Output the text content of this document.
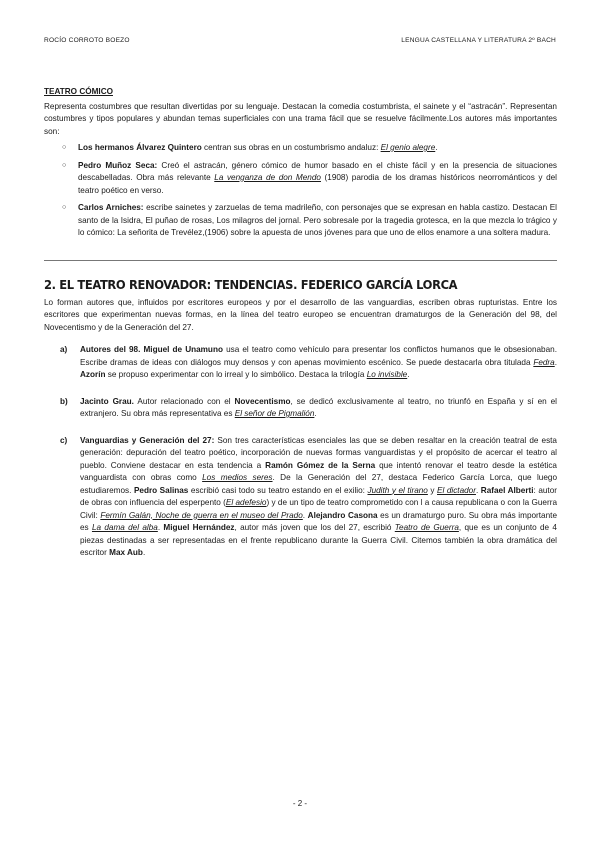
ROCÍO CORROTO BOEZO	LENGUA CASTELLANA Y LITERATURA 2º BACH
TEATRO CÓMICO

Representa costumbres que resultan divertidas por su lenguaje. Destacan la comedia costumbrista, el sainete y el “astracán”. Representan costumbres y tipos populares y abundan temas superficiales con una trama fácil que se resuelve fácilmente.Los autores más importantes son:

○ Los hermanos Álvarez Quintero centran sus obras en un costumbrismo andaluz: El genio alegre.
○ Pedro Muñoz Seca: Creó el astracán, género cómico de humor basado en el chiste fácil y en la presencia de situaciones descabelladas. Obra más relevante La venganza de don Mendo (1908) parodia de los dramas históricos neorrománticos y del teatro poético en verso.
○ Carlos Arniches: escribe sainetes y zarzuelas de tema madrileño, con personajes que se expresan en habla castizo. Destacan El santo de la Isidra, El puñao de rosas, Los milagros del jornal. Pero sobresale por la tragedia grotesca, en la que mezcla lo trágico y lo cómico: La señorita de Trevélez,(1906) sobre la apuesta de unos jóvenes para que uno de ellos enamore a una soltera madura.
2. EL TEATRO RENOVADOR: TENDENCIAS. FEDERICO GARCÍA LORCA

Lo forman autores que, influidos por escritores europeos y por el desarrollo de las vanguardias, escriben obras rupturistas. Entre los escritores que experimentan nuevas formas, en la línea del teatro europeo se encuentran dramaturgos de la Generación del 98, del Novecentismo y de la Generación del 27.

a) Autores del 98. Miguel de Unamuno usa el teatro como vehículo para presentar los conflictos humanos que le obsesionaban. Escribe dramas de ideas con diálogos muy densos y con apenas movimiento escénico. Se puede destacarla obra titulada Fedra. Azorín se propuso experimentar con lo irreal y lo simbólico. Destaca la trilogía Lo invisible.
b) Jacinto Grau. Autor relacionado con el Novecentismo, se dedicó exclusivamente al teatro, no triunfó en España y sí en el extranjero. Su obra más representativa es El señor de Pigmalión.
c) Vanguardias y Generación del 27: Son tres características esenciales las que se deben resaltar en la creación teatral de esta generación: depuración del teatro poético, incorporación de nuevas formas vanguardistas y el propósito de acercar el teatro al pueblo. Conviene destacar en esta tendencia a Ramón Gómez de la Serna que intentó renovar el teatro desde la estética vanguardista con obras como Los medios seres. De la Generación del 27, destaca Federico García Lorca, que luego estudiaremos. Pedro Salinas escribió casi todo su teatro estando en el exilio: Judith y el tirano y El dictador. Rafael Alberti: autor de obras con influencia del esperpento (El adefesio) y de un tipo de teatro comprometido con l a causa republicana o con la Guerra Civil: Fermín Galán, Noche de guerra en el museo del Prado. Alejandro Casona es un dramaturgo puro. Su obra más importante es La dama del alba. Miguel Hernández, autor más joven que los del 27, escribió Teatro de Guerra, que es un conjunto de 4 piezas destinadas a ser representadas en el frente republicano durante la Guerra Civil. Citemos también la obra dramática del escritor Max Aub.
- 2 -
